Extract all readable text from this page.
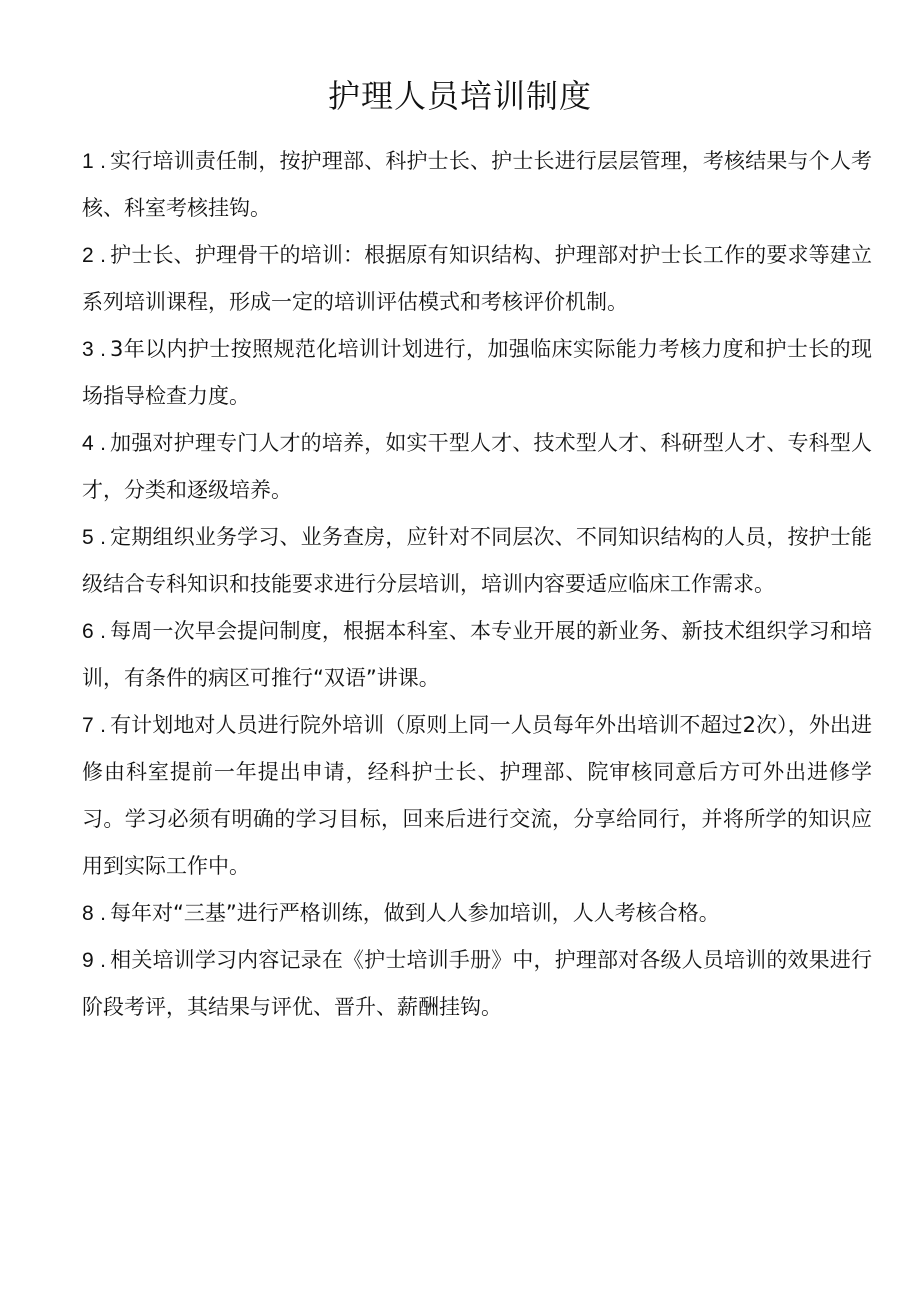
护理人员培训制度
1 . 实行培训责任制，按护理部、科护士长、护士长进行层层管理，考核结果与个人考核、科室考核挂钩。
2 . 护士长、护理骨干的培训：根据原有知识结构、护理部对护士长工作的要求等建立系列培训课程，形成一定的培训评估模式和考核评价机制。
3 . 3年以内护士按照规范化培训计划进行，加强临床实际能力考核力度和护士长的现场指导检查力度。
4 . 加强对护理专门人才的培养，如实干型人才、技术型人才、科研型人才、专科型人才，分类和逐级培养。
5 . 定期组织业务学习、业务查房，应针对不同层次、不同知识结构的人员，按护士能级结合专科知识和技能要求进行分层培训，培训内容要适应临床工作需求。
6 . 每周一次早会提问制度，根据本科室、本专业开展的新业务、新技术组织学习和培训，有条件的病区可推行“双语”讲课。
7 . 有计划地对人员进行院外培训（原则上同一人员每年外出培训不超过2次），外出进修由科室提前一年提出申请，经科护士长、护理部、院审核同意后方可外出进修学习。学习必须有明确的学习目标，回来后进行交流，分享给同行，并将所学的知识应用到实际工作中。
8 . 每年对“三基”进行严格训练，做到人人参加培训，人人考核合格。
9 . 相关培训学习内容记录在《护士培训手册》中，护理部对各级人员培训的效果进行阶段考评，其结果与评优、晋升、薪酬挂钩。
